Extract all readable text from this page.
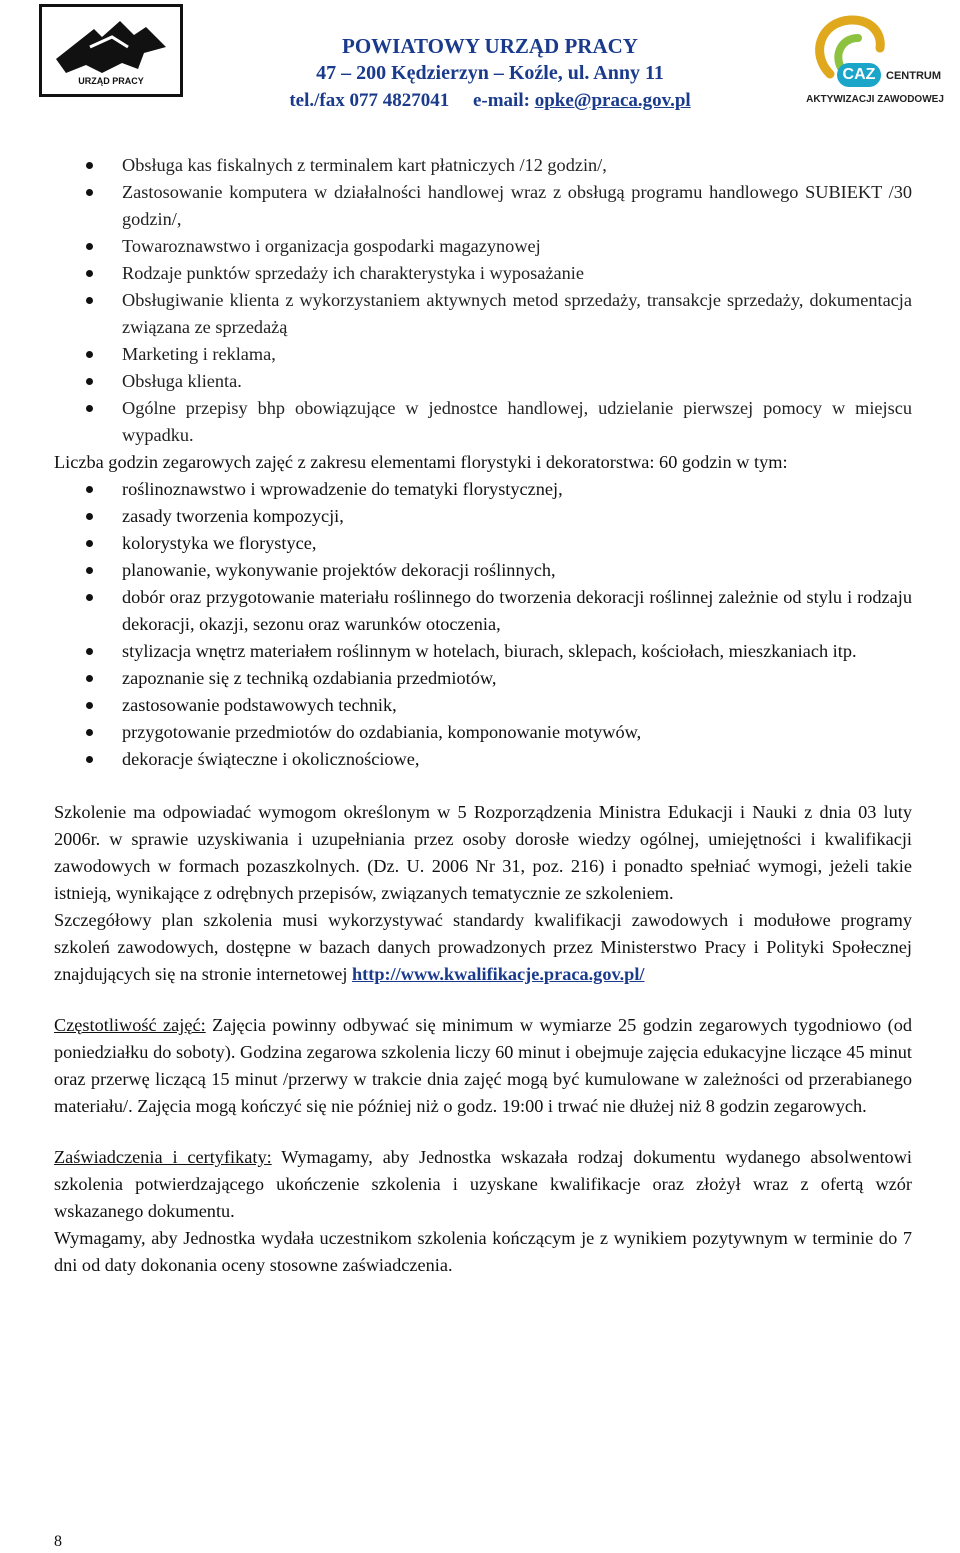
URZĄD PRACY
POWIATOWY URZĄD PRACY
47 – 200 Kędzierzyn – Koźle, ul. Anny 11
tel./fax 077 4827041 e-mail: opke@praca.gov.pl
CAZ CENTRUM
AKTYWIZACJI ZAWODOWEJ
Obsługa kas fiskalnych z terminalem kart płatniczych /12 godzin/,
Zastosowanie komputera w działalności handlowej wraz z obsługą programu handlowego SUBIEKT /30 godzin/,
Towaroznawstwo i organizacja gospodarki magazynowej
Rodzaje punktów sprzedaży ich charakterystyka i wyposażanie
Obsługiwanie klienta z wykorzystaniem aktywnych metod sprzedaży, transakcje sprzedaży, dokumentacja związana ze sprzedażą
Marketing i reklama,
Obsługa klienta.
Ogólne przepisy bhp obowiązujące w jednostce handlowej, udzielanie pierwszej pomocy w miejscu wypadku.

Liczba godzin zegarowych zajęć z zakresu elementami florystyki i dekoratorstwa: 60 godzin w tym:

roślinoznawstwo i wprowadzenie do tematyki florystycznej,
zasady tworzenia kompozycji,
kolorystyka we florystyce,
planowanie, wykonywanie projektów dekoracji roślinnych,
dobór oraz przygotowanie materiału roślinnego do tworzenia dekoracji roślinnej zależnie od stylu i rodzaju dekoracji, okazji, sezonu oraz warunków otoczenia,
stylizacja wnętrz materiałem roślinnym w hotelach, biurach, sklepach, kościołach, mieszkaniach itp.
zapoznanie się z techniką ozdabiania przedmiotów,
zastosowanie podstawowych technik,
przygotowanie przedmiotów do ozdabiania, komponowanie motywów,
dekoracje świąteczne i okolicznościowe,

Szkolenie ma odpowiadać wymogom określonym w 5 Rozporządzenia Ministra Edukacji i Nauki z dnia 03 luty 2006r. w sprawie uzyskiwania i uzupełniania przez osoby dorosłe wiedzy ogólnej, umiejętności i kwalifikacji zawodowych w formach pozaszkolnych. (Dz. U. 2006 Nr 31, poz. 216) i ponadto spełniać wymogi, jeżeli takie istnieją, wynikające z odrębnych przepisów, związanych tematycznie ze szkoleniem.

Szczegółowy plan szkolenia musi wykorzystywać standardy kwalifikacji zawodowych i modułowe programy szkoleń zawodowych, dostępne w bazach danych prowadzonych przez Ministerstwo Pracy i Polityki Społecznej znajdujących się na stronie internetowej http://www.kwalifikacje.praca.gov.pl/

Częstotliwość zajęć: Zajęcia powinny odbywać się minimum w wymiarze 25 godzin zegarowych tygodniowo (od poniedziałku do soboty). Godzina zegarowa szkolenia liczy 60 minut i obejmuje zajęcia edukacyjne liczące 45 minut oraz przerwę liczącą 15 minut /przerwy w trakcie dnia zajęć mogą być kumulowane w zależności od przerabianego materiału/. Zajęcia mogą kończyć się nie później niż o godz. 19:00 i trwać nie dłużej niż 8 godzin zegarowych.

Zaświadczenia i certyfikaty: Wymagamy, aby Jednostka wskazała rodzaj dokumentu wydanego absolwentowi szkolenia potwierdzającego ukończenie szkolenia i uzyskane kwalifikacje oraz złożył wraz z ofertą wzór wskazanego dokumentu.

Wymagamy, aby Jednostka wydała uczestnikom szkolenia kończącym je z wynikiem pozytywnym w terminie do 7 dni od daty dokonania oceny stosowne zaświadczenia.

8
